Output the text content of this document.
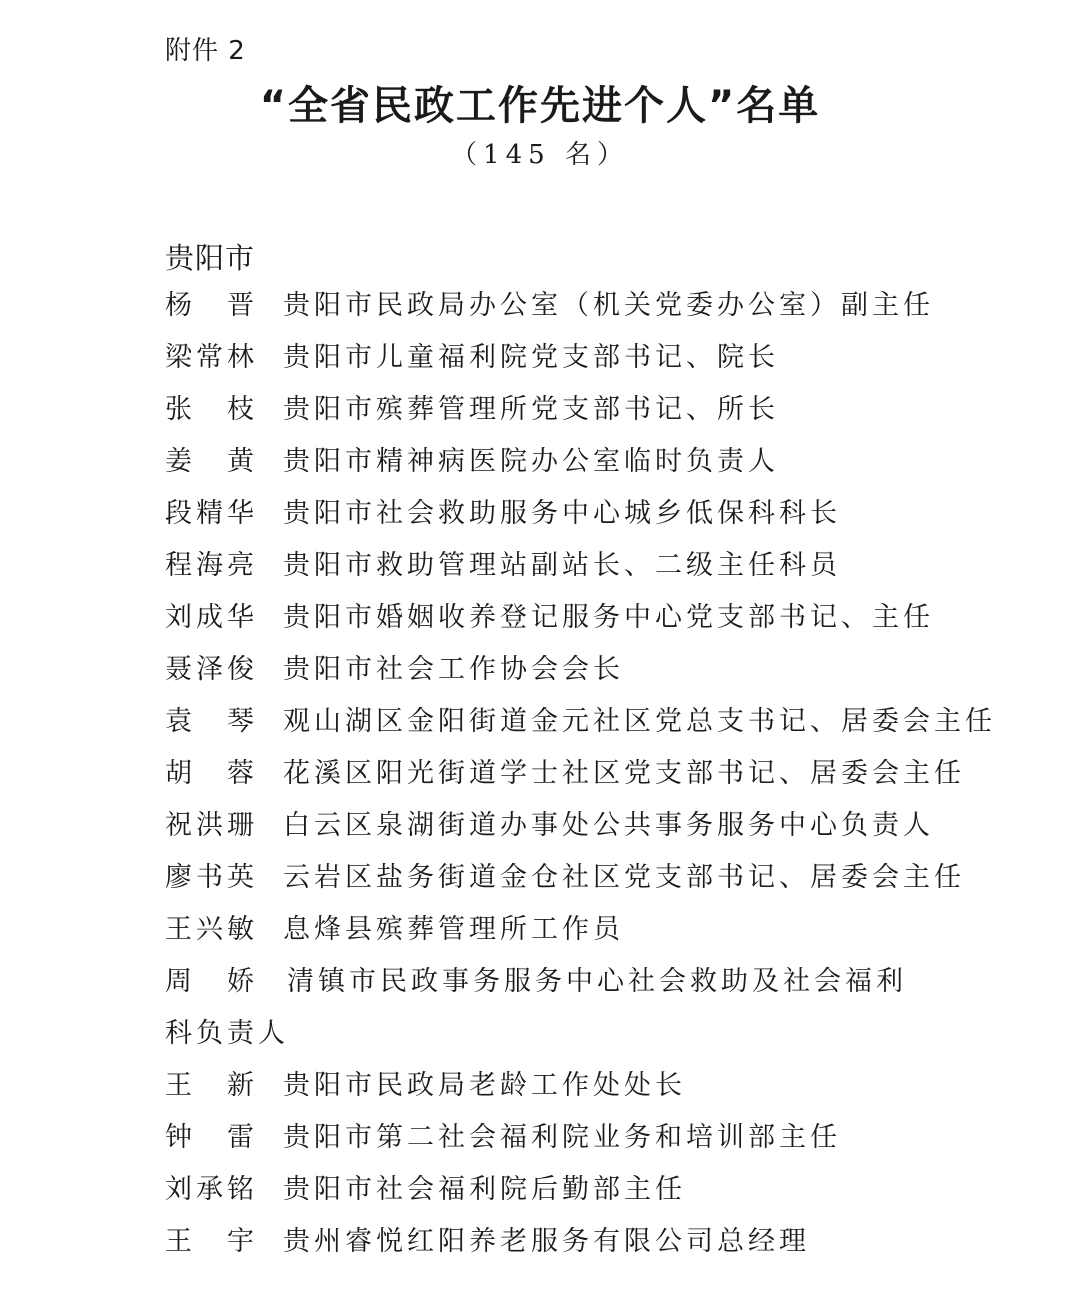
附件 2
“全省民政工作先进个人”名单
（145 名）
贵阳市
杨　晋 贵阳市民政局办公室（机关党委办公室）副主任
梁常林 贵阳市儿童福利院党支部书记、院长
张　枝 贵阳市殡葬管理所党支部书记、所长
姜　黄 贵阳市精神病医院办公室临时负责人
段精华 贵阳市社会救助服务中心城乡低保科科长
程海亮 贵阳市救助管理站副站长、二级主任科员
刘成华 贵阳市婚姻收养登记服务中心党支部书记、主任
聂泽俊 贵阳市社会工作协会会长
袁　琴 观山湖区金阳街道金元社区党总支书记、居委会主任
胡　蓉 花溪区阳光街道学士社区党支部书记、居委会主任
祝洪珊 白云区泉湖街道办事处公共事务服务中心负责人
廖书英 云岩区盐务街道金仓社区党支部书记、居委会主任
王兴敏 息烽县殡葬管理所工作员
周　娇	清镇市民政事务服务中心社会救助及社会福利科负责人
王　新 贵阳市民政局老龄工作处处长
钟　雷 贵阳市第二社会福利院业务和培训部主任
刘承铭 贵阳市社会福利院后勤部主任
王　宇 贵州睿悦红阳养老服务有限公司总经理
